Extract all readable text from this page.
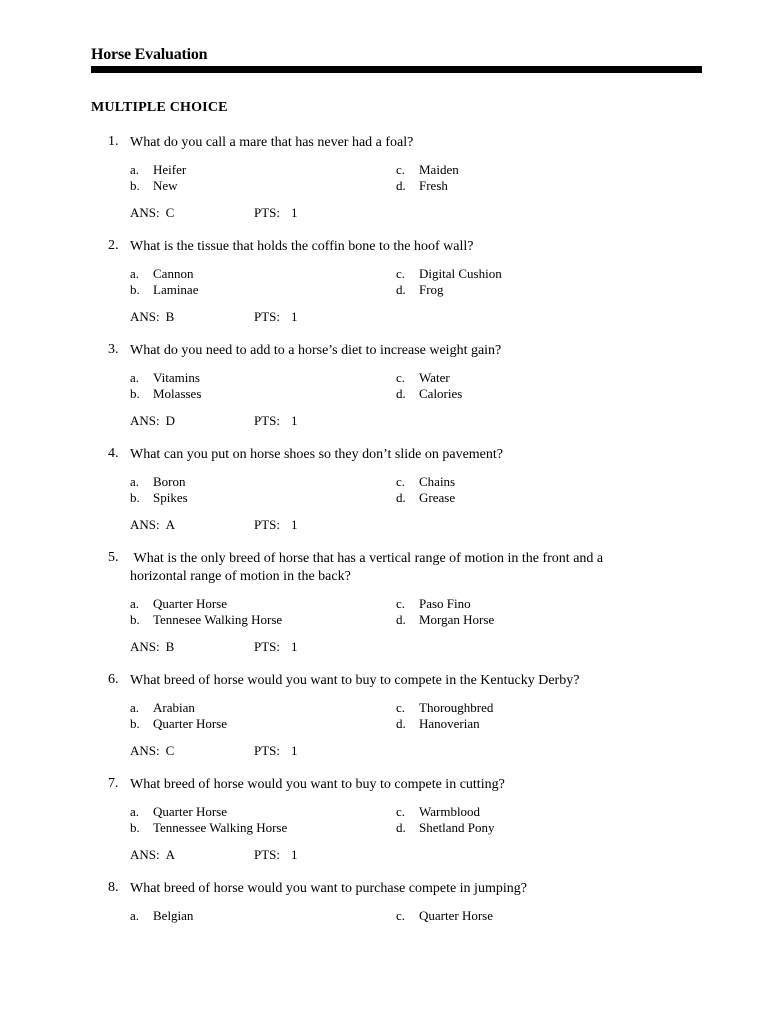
Horse Evaluation
MULTIPLE CHOICE
1. What do you call a mare that has never had a foal?
a. Heifer
b. New
c. Maiden
d. Fresh
ANS: C	PTS: 1
2. What is the tissue that holds the coffin bone to the hoof wall?
a. Cannon
b. Laminae
c. Digital Cushion
d. Frog
ANS: B	PTS: 1
3. What do you need to add to a horse’s diet to increase weight gain?
a. Vitamins
b. Molasses
c. Water
d. Calories
ANS: D	PTS: 1
4. What can you put on horse shoes so they don’t slide on pavement?
a. Boron
b. Spikes
c. Chains
d. Grease
ANS: A	PTS: 1
5. What is the only breed of horse that has a vertical range of motion in the front and a horizontal range of motion in the back?
a. Quarter Horse
b. Tennesee Walking Horse
c. Paso Fino
d. Morgan Horse
ANS: B	PTS: 1
6. What breed of horse would you want to buy to compete in the Kentucky Derby?
a. Arabian
b. Quarter Horse
c. Thoroughbred
d. Hanoverian
ANS: C	PTS: 1
7. What breed of horse would you want to buy to compete in cutting?
a. Quarter Horse
b. Tennessee Walking Horse
c. Warmblood
d. Shetland Pony
ANS: A	PTS: 1
8. What breed of horse would you want to purchase compete in jumping?
a. Belgian	c. Quarter Horse
